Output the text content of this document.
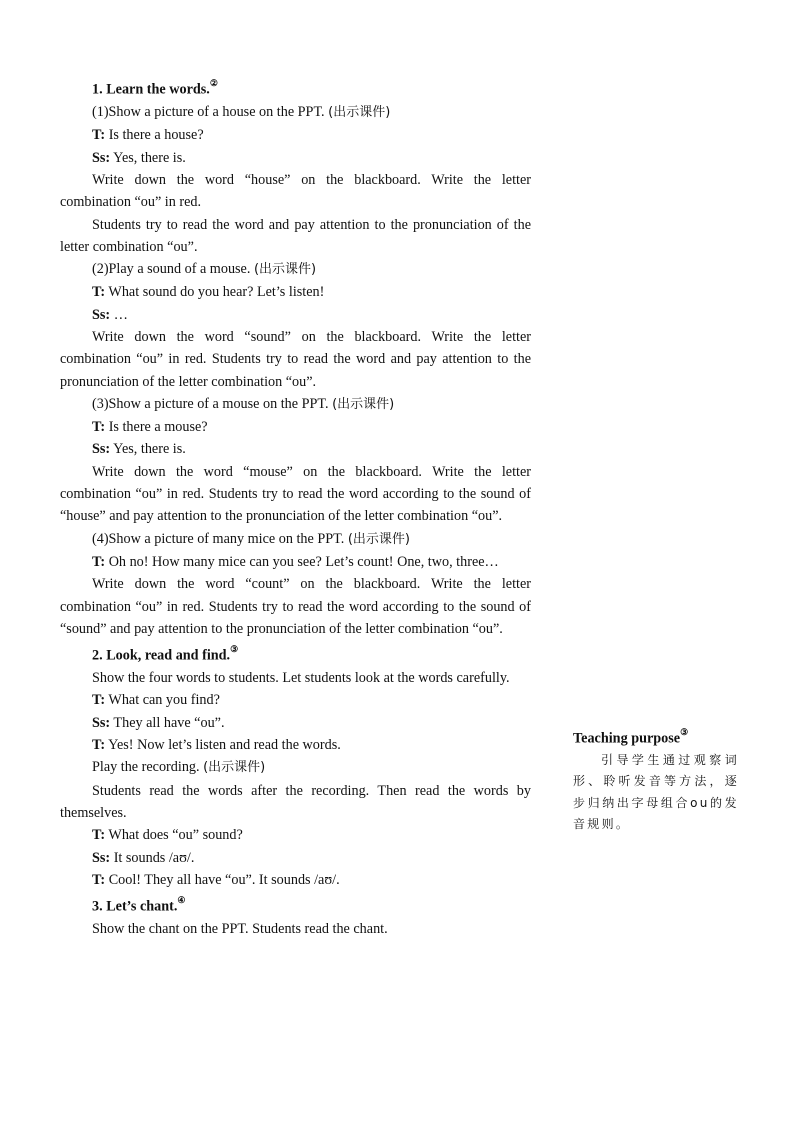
1. Learn the words.②

(1)Show a picture of a house on the PPT. (出示课件)

T: Is there a house?

Ss: Yes, there is.

Write down the word “house” on the blackboard. Write the letter combination “ou” in red.

Students try to read the word and pay attention to the pronunciation of the letter combination “ou”.

(2)Play a sound of a mouse. (出示课件)

T: What sound do you hear? Let’s listen!

Ss: …

Write down the word “sound” on the blackboard. Write the letter combination “ou” in red. Students try to read the word and pay attention to the pronunciation of the letter combination “ou”.

(3)Show a picture of a mouse on the PPT. (出示课件)

T: Is there a mouse?

Ss: Yes, there is.

Write down the word “mouse” on the blackboard. Write the letter combination “ou” in red. Students try to read the word according to the sound of “house” and pay attention to the pronunciation of the letter combination “ou”.

(4)Show a picture of many mice on the PPT. (出示课件)

T: Oh no! How many mice can you see? Let’s count! One, two, three…

Write down the word “count” on the blackboard. Write the letter combination “ou” in red. Students try to read the word according to the sound of “sound” and pay attention to the pronunciation of the letter combination “ou”.

2. Look, read and find.③

Show the four words to students. Let students look at the words carefully.

T: What can you find?

Ss: They all have “ou”.

T: Yes! Now let’s listen and read the words.

Play the recording. (出示课件)

Students read the words after the recording. Then read the words by themselves.

T: What does “ou” sound?

Ss: It sounds /aʊ/.

T: Cool! They all have “ou”. It sounds /aʊ/.

3. Let’s chant.④

Show the chant on the PPT. Students read the chant.

Teaching purpose③

引导学生通过观察词形、聆听发音等方法，逐步归纳出字母组合ou的发音规则。
